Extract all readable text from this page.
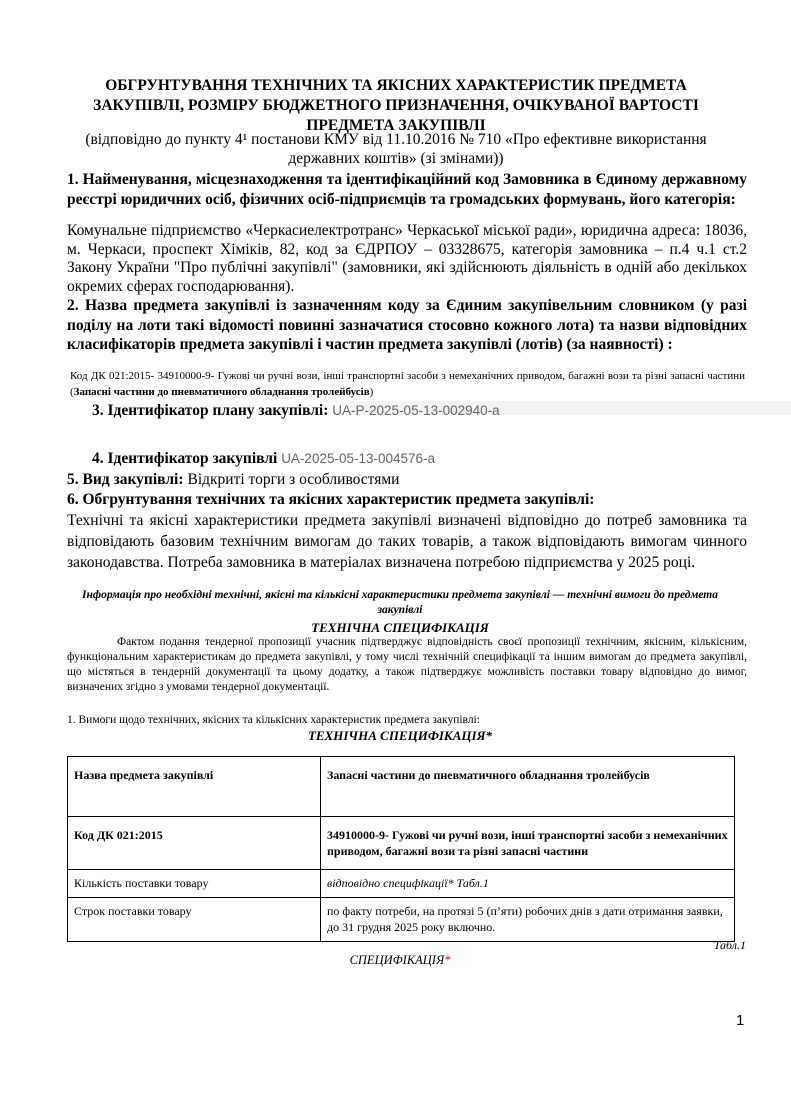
ОБГРУНТУВАННЯ ТЕХНІЧНИХ ТА ЯКІСНИХ ХАРАКТЕРИСТИК ПРЕДМЕТА
ЗАКУПІВЛІ, РОЗМІРУ БЮДЖЕТНОГО ПРИЗНАЧЕННЯ, ОЧІКУВАНОЇ ВАРТОСТІ
ПРЕДМЕТА ЗАКУПІВЛІ
(відповідно до пункту 4¹ постанови КМУ від 11.10.2016 № 710 «Про ефективне використання
державних коштів» (зі змінами))
1. Найменування, місцезнаходження та ідентифікаційний код Замовника в Єдиному державному реєстрі юридичних осіб, фізичних осіб-підприємців та громадських формувань, його категорія:
Комунальне підприємство «Черкасиелектротранс» Черкаської міської ради», юридична адреса: 18036, м. Черкаси, проспект Хіміків, 82, код за ЄДРПОУ – 03328675, категорія замовника – п.4 ч.1 ст.2 Закону України "Про публічні закупівлі" (замовники, які здійснюють діяльність в одній або декількох окремих сферах господарювання).
2. Назва предмета закупівлі із зазначенням коду за Єдиним закупівельним словником (у разі поділу на лоти такі відомості повинні зазначатися стосовно кожного лота) та назви відповідних класифікаторів предмета закупівлі і частин предмета закупівлі (лотів) (за наявності) :
Код ДК 021:2015- 34910000-9- Гужові чи ручні вози, інші транспортні засоби з немеханічних приводом, багажні вози та різні запасні частини (Запасні частини до пневматичного обладнання тролейбусів)
3. Ідентифікатор плану закупівлі: UA-P-2025-05-13-002940-a
4. Ідентифікатор закупівлі UA-2025-05-13-004576-a
5. Вид закупівлі: Відкриті торги з особливостями
6. Обгрунтування технічних та якісних характеристик предмета закупівлі:
Технічні та якісні характеристики предмета закупівлі визначені відповідно до потреб замовника та відповідають базовим технічним вимогам до таких товарів, а також відповідають вимогам чинного законодавства. Потреба замовника в матеріалах визначена потребою підприємства у 2025 році.
Інформація про необхідні технічні, якісні та кількісні характеристики предмета закупівлі — технічні вимоги до предмета закупівлі
ТЕХНІЧНА СПЕЦИФІКАЦІЯ
Фактом подання тендерної пропозиції учасник підтверджує відповідність своєї пропозиції технічним, якісним, кількісним, функціональним характеристикам до предмета закупівлі, у тому числі технічній специфікації та іншим вимогам до предмета закупівлі, що містяться в тендерній документації та цьому додатку, а також підтверджує можливість поставки товару відповідно до вимог, визначених згідно з умовами тендерної документації.
1. Вимоги щодо технічних, якісних та кількісних характеристик предмета закупівлі:
ТЕХНІЧНА СПЕЦИФІКАЦІЯ*
Назва предмета закупівлі	Запасні частини до пневматичного обладнання тролейбусів
Код ДК 021:2015	34910000-9- Гужові чи ручні вози, інші транспортні засоби з немеханічних приводом, багажні вози та різні запасні частини
Кількість поставки товару	відповідно специфікації* Табл.1
Строк поставки товару	по факту потреби, на протязі 5 (п’яти) робочих днів з дати отримання заявки, до 31 грудня 2025 року включно.
Табл.1
СПЕЦИФІКАЦІЯ*
1
